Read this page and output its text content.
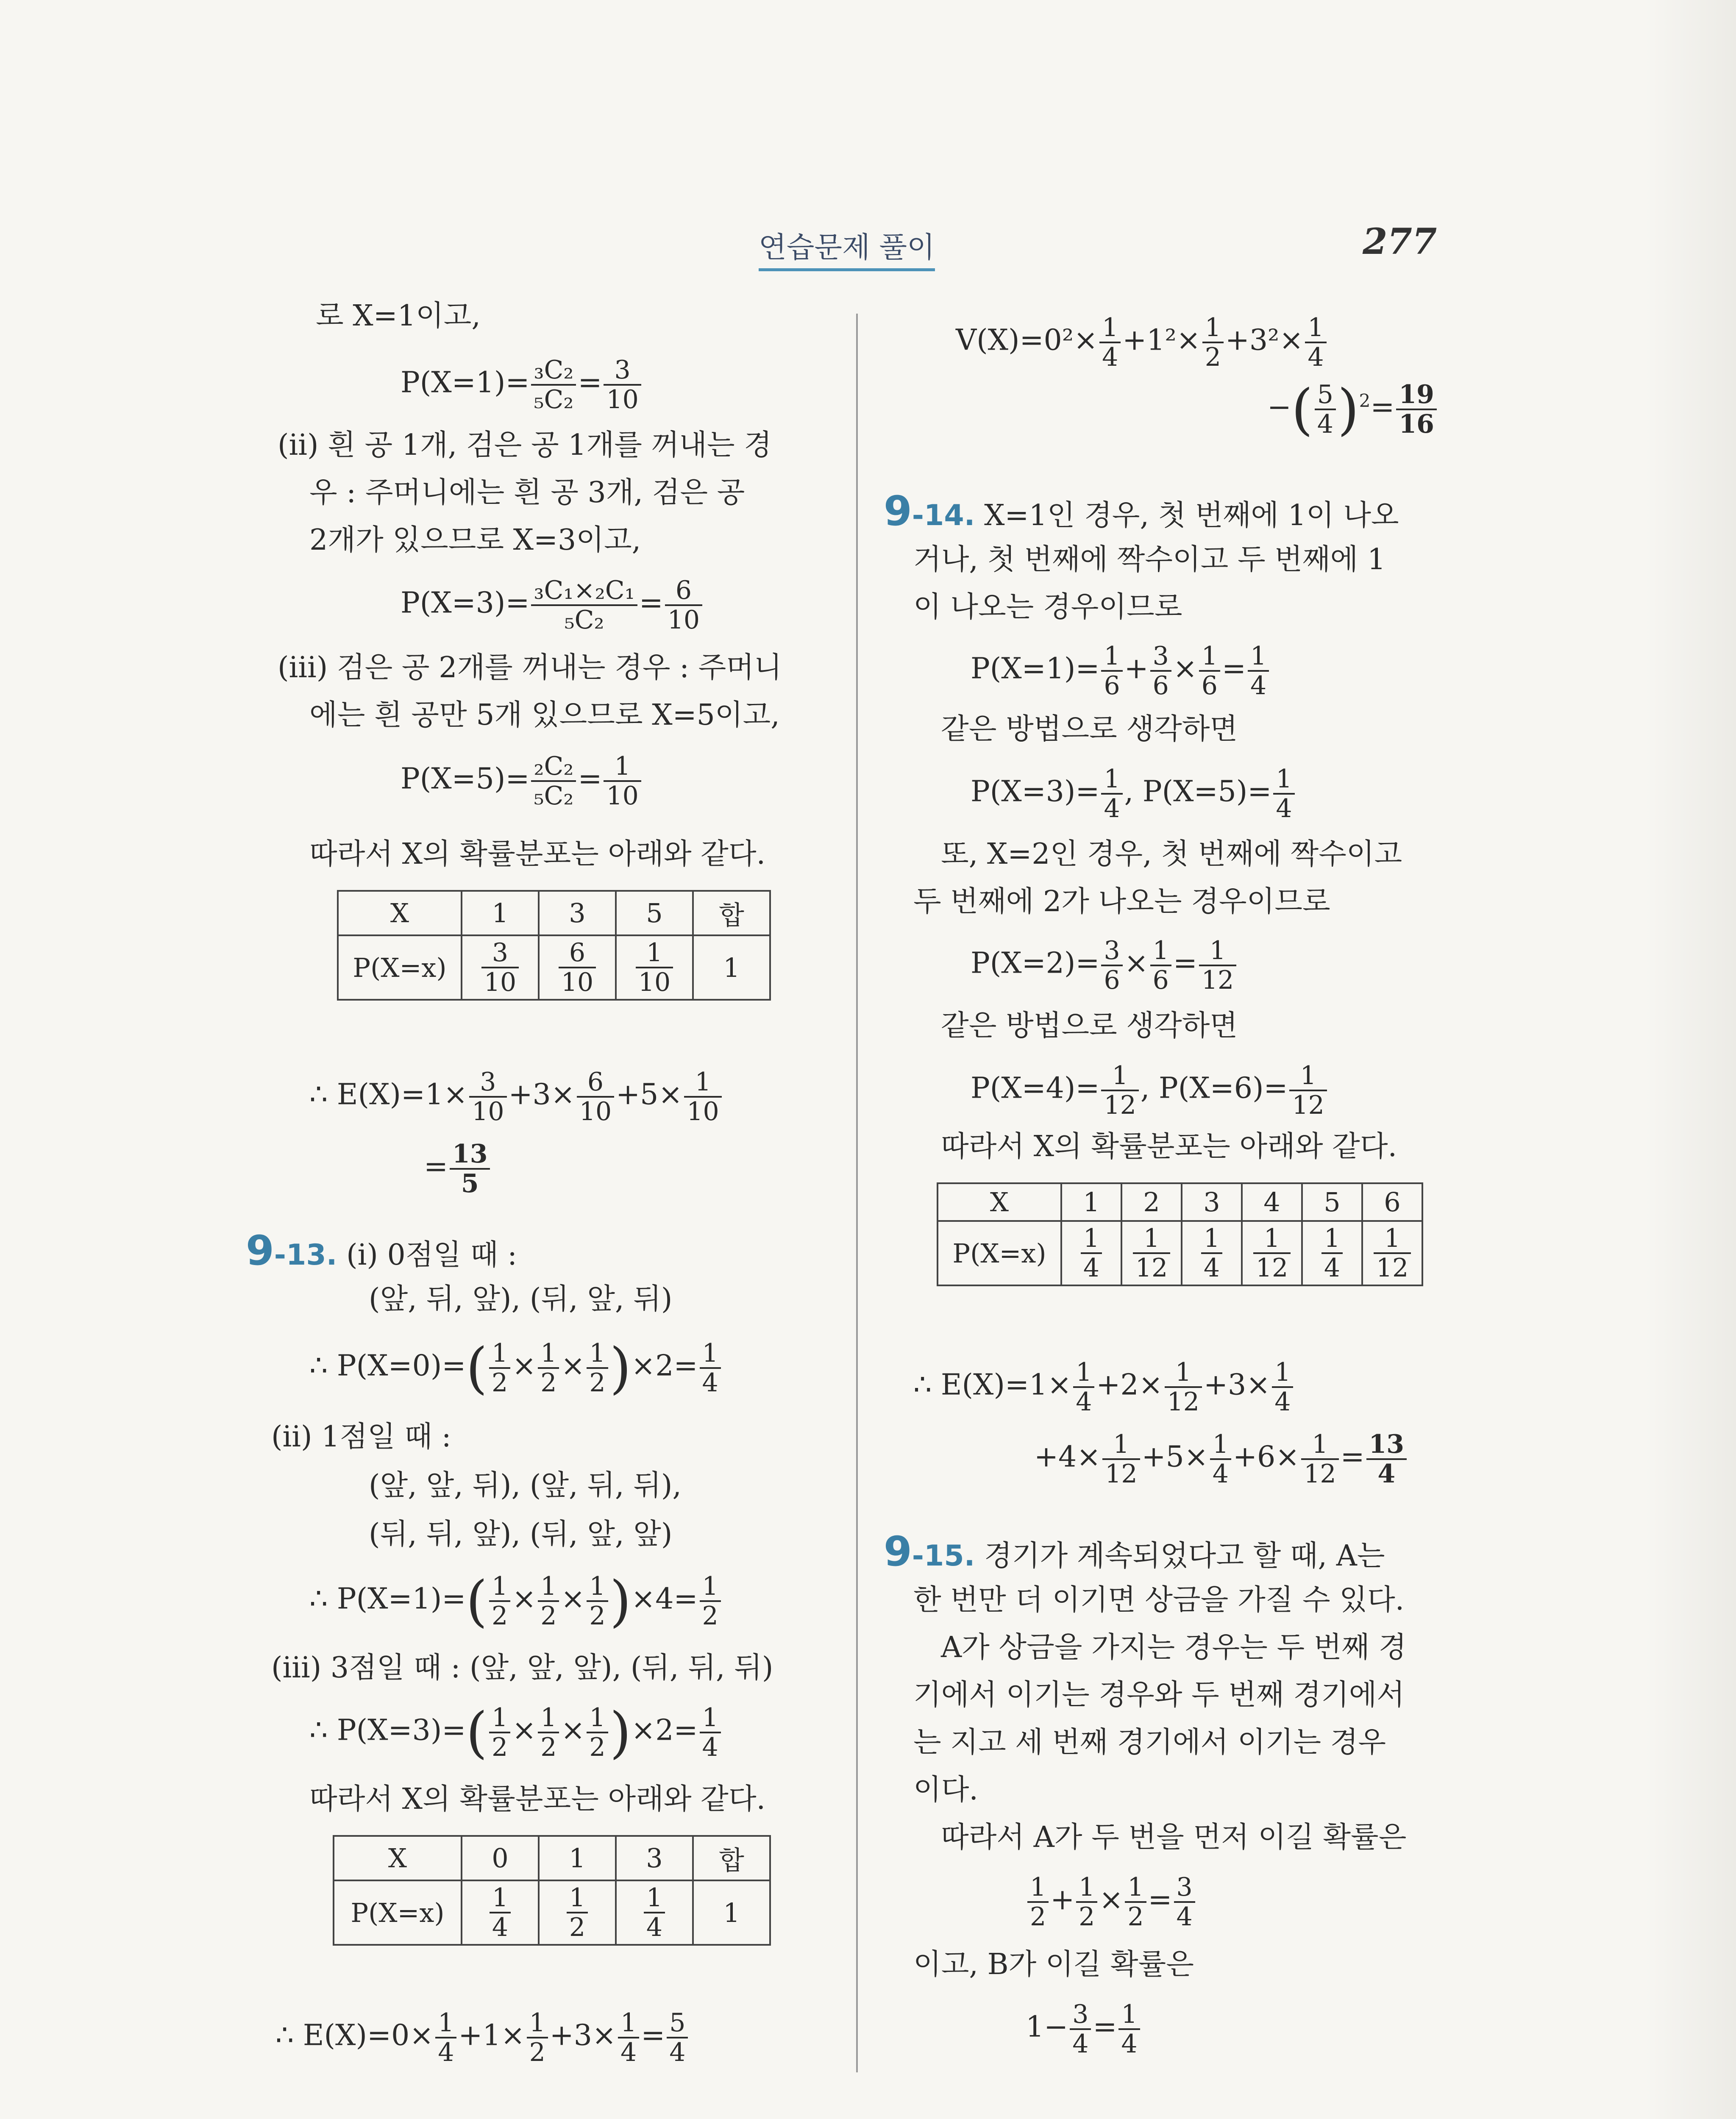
연습문제 풀이	277
로 X=1이고,
$P(X=1)= \frac{\text{₃C₂}}{\text{₅C₂}} = \frac{3}{10}$
(ii) 흰 공 1개, 검은 공 1개를 꺼내는 경
우 : 주머니에는 흰 공 3개, 검은 공
2개가 있으므로 X=3이고,
$P(X=3)= \frac{\text{₃C₁×₂C₁}}{\text{₅C₂}} = \frac{6}{10}$
(iii) 검은 공 2개를 꺼내는 경우 : 주머니
에는 흰 공만 5개 있으므로 X=5이고,
$P(X=5)= \frac{\text{₂C₂}}{\text{₅C₂}} = \frac{1}{10}$
따라서 X의 확률분포는 아래와 같다.
X	1	3	5	합
P(X=x)	$\frac{3}{10}$	$\frac{6}{10}$	$\frac{1}{10}$	1
∴ $E(X)=1\times \frac{3}{10} +3\times \frac{6}{10} +5\times \frac{1}{10}$
= $\frac{13}{5}$
9-13. (i) 0점일 때 :
(앞, 뒤, 앞), (뒤, 앞, 뒤)
∴ $P(X=0)=( \frac{1}{2} \times \frac{1}{2} \times \frac{1}{2} )\times 2= \frac{1}{4}$
(ii) 1점일 때 :
(앞, 앞, 뒤), (앞, 뒤, 뒤),
(뒤, 뒤, 앞), (뒤, 앞, 앞)
∴ $P(X=1)=( \frac{1}{2} \times \frac{1}{2} \times \frac{1}{2} )\times 4= \frac{1}{2}$
(iii) 3점일 때 : (앞, 앞, 앞), (뒤, 뒤, 뒤)
∴ $P(X=3)=( \frac{1}{2} \times \frac{1}{2} \times \frac{1}{2} )\times 2= \frac{1}{4}$
따라서 X의 확률분포는 아래와 같다.
X	0	1	3	합
P(X=x)	$\frac{1}{4}$	$\frac{1}{2}$	$\frac{1}{4}$	1
∴ $E(X)=0\times \frac{1}{4} +1\times \frac{1}{2} +3\times \frac{1}{4} = \frac{5}{4}$
$V(X)=0^2\times \frac{1}{4} +1^2\times \frac{1}{2} +3^2\times \frac{1}{4}$
−( $\frac{5}{4} )^2= \frac{19}{16}$
9-14. X=1인 경우, 첫 번째에 1이 나오
거나, 첫 번째에 짝수이고 두 번째에 1
이 나오는 경우이므로
$P(X=1)= \frac{1}{6} + \frac{3}{6} \times \frac{1}{6} = \frac{1}{4}$
같은 방법으로 생각하면
$P(X=3)= \frac{1}{4}$ , $P(X=5)= \frac{1}{4}$
또, X=2인 경우, 첫 번째에 짝수이고
두 번째에 2가 나오는 경우이므로
$P(X=2)= \frac{3}{6} \times \frac{1}{6} = \frac{1}{12}$
같은 방법으로 생각하면
$P(X=4)= \frac{1}{12}$ , $P(X=6)= \frac{1}{12}$
따라서 X의 확률분포는 아래와 같다.
X	1	2	3	4	5	6
P(X=x)	$\frac{1}{4}$	$\frac{1}{12}$	$\frac{1}{4}$	$\frac{1}{12}$	$\frac{1}{4}$	$\frac{1}{12}$
∴ $E(X)=1\times \frac{1}{4} +2\times \frac{1}{12} +3\times \frac{1}{4}$
$+4\times \frac{1}{12} +5\times \frac{1}{4} +6\times \frac{1}{12} = \frac{13}{4}$
9-15. 경기가 계속되었다고 할 때, A는
한 번만 더 이기면 상금을 가질 수 있다.
A가 상금을 가지는 경우는 두 번째 경
기에서 이기는 경우와 두 번째 경기에서
는 지고 세 번째 경기에서 이기는 경우
이다.
따라서 A가 두 번을 먼저 이길 확률은
$\frac{1}{2} + \frac{1}{2} \times \frac{1}{2} = \frac{3}{4}$
이고, B가 이길 확률은
$1- \frac{3}{4} = \frac{1}{4}$
